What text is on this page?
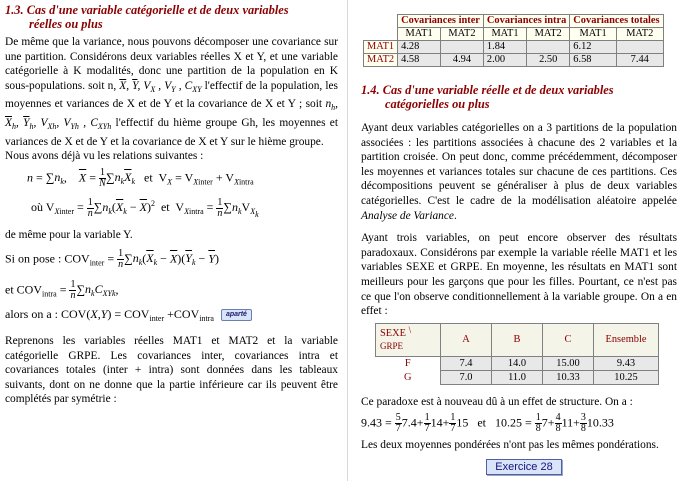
1.3. Cas d'une variable catégorielle et de deux variables
réelles ou plus

De même que la variance, nous pouvons décomposer une covariance sur une partition. Considérons deux variables réelles X et Y, et une variable catégorielle à K modalités, donc une partition de la population en K sous-populations. soit n, $\overline{X}$, $\overline{Y}$, $V_X$ , $V_Y$ , $C_{XY}$ l'effectif de la population, les moyennes et variances de X et de Y et la covariance de X et Y ; soit $n_h$, $\overline{X}_h$, $\overline{Y}_h$, $V_{Xh}$, $V_{Yh}$ , $C_{XYh}$ l'effectif du hième groupe Gh, les moyennes et variances de X et de Y et la covariance de X et Y sur le hième groupe.

Nous avons déjà vu les relations suivantes :

$n = \sum n_k$,    $\overline{X} = \frac{1}{N} \sum n_k\overline{X}_k$ et  $V_X = V_{Xinter} + V_{Xintra}$
où $V_{Xinter} = \frac{1}{n} \sum n_k(\overline{X}_k - \overline{X})^2$ et  $V_{Xintra} = \frac{1}{n} \sum n_kV_{Xk}$

de même pour la variable Y.

Si on pose : $COV_{inter} = \frac{1}{n} \sum n_k(\overline{X}_k - \overline{X})(\overline{Y}_k - \overline{Y})$
et $COV_{intra} = \frac{1}{n} \sum n_kC_{XYk}$,
alors on a : $COV(X,Y) = COV_{inter} +COV_{intra}$ aparté

Reprenons les variables réelles MAT1 et MAT2 et la variable catégorielle GRPE. Les covariances inter, covariances intra et covariances totales (inter + intra) sont données dans les tableaux suivants, dont on ne donne que la partie inférieure car ils peuvent être complétés par symétrie :

	Covariances inter		Covariances intra		Covariances totales	
	MAT1	MAT2	MAT1	MAT2	MAT1	MAT2
MAT1	4.28		1.84		6.12	
MAT2	4.58	4.94	2.00	2.50	6.58	7.44
1.4. Cas d'une variable réelle et de deux variables
catégorielles ou plus

Ayant deux variables catégorielles on a 3 partitions de la population associées : les partitions associées à chacune des 2 variables et la partition croisée. On peut donc, comme précédemment, décomposer les moyennes et variances totales sur chacune de ces partitions. Ces décompositions peuvent se généraliser à plus de deux variables catégorielles. C'est le cadre de la modélisation aléatoire appelée Analyse de Variance.

Ayant trois variables, on peut encore observer des résultats paradoxaux. Considérons par exemple la variable réelle MAT1 et les variables SEXE et GRPE. En moyenne, les résultats en MAT1 sont meilleurs pour les garçons que pour les filles. Pourtant, ce n'est pas ce que l'on observe conditionnellement à la variable groupe. On a en effet :

SEXE \ GRPE	A	B	C	Ensemble
F	7.4	14.0	15.00	9.43
G	7.0	11.0	10.33	10.25

Ce paradoxe est à nouveau dû à un effet de structure. On a :

$9.43 = \frac{5}{7} 7.4+ \frac{1}{7} 14+ \frac{1}{7} 15$   et   $10.25 = \frac{1}{8} 7+ \frac{4}{8} 11+ \frac{3}{8} 10.33$

Les deux moyennes pondérées n'ont pas les mêmes pondérations.

Exercice 28
